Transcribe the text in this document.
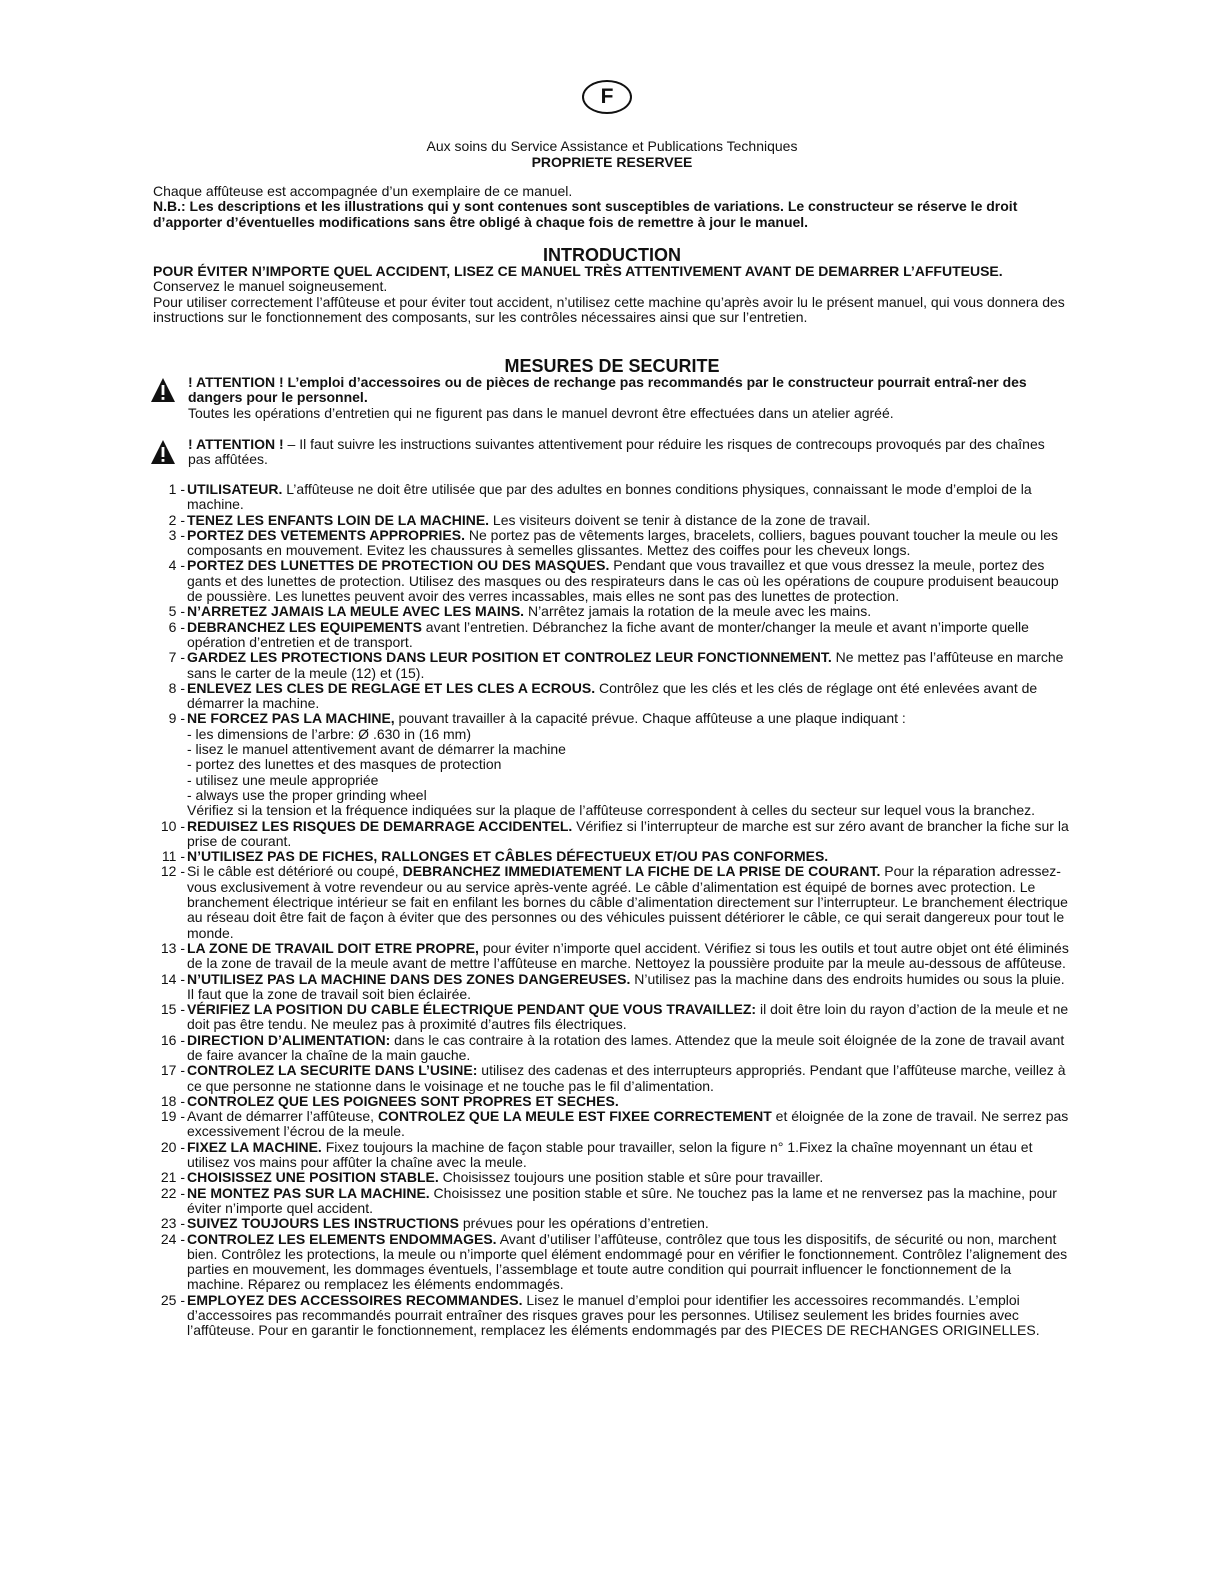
F
Aux soins du Service Assistance et Publications Techniques
PROPRIETE RESERVEE
Chaque affûteuse est accompagnée d’un exemplaire de ce manuel.
N.B.: Les descriptions et les illustrations qui y sont contenues sont susceptibles de variations. Le constructeur se réserve le droit d’apporter d’éventuelles modifications sans être obligé à chaque fois de remettre à jour le manuel.
INTRODUCTION
POUR ÉVITER N’IMPORTE QUEL ACCIDENT, LISEZ CE MANUEL TRÈS ATTENTIVEMENT AVANT DE DEMARRER L’AFFUTEUSE.
Conservez le manuel soigneusement.
Pour utiliser correctement l’affûteuse et pour éviter tout accident, n’utilisez cette machine qu’après avoir lu le présent manuel, qui vous donnera des instructions sur le fonctionnement des composants, sur les contrôles nécessaires ainsi que sur l’entretien.
MESURES DE SECURITE
! ATTENTION ! L’emploi d’accessoires ou de pièces de rechange pas recommandés par le constructeur pourrait entraî-ner des dangers pour le personnel.
Toutes les opérations d’entretien qui ne figurent pas dans le manuel devront être effectuées dans un atelier agréé.
! ATTENTION ! – Il faut suivre les instructions suivantes attentivement pour réduire les risques de contrecoups provoqués par des chaînes pas affûtées.
1 - UTILISATEUR. L’affûteuse ne doit être utilisée que par des adultes en bonnes conditions physiques, connaissant le mode d’emploi de la machine.
2 - TENEZ LES ENFANTS LOIN DE LA MACHINE. Les visiteurs doivent se tenir à distance de la zone de travail.
3 - PORTEZ DES VETEMENTS APPROPRIES. Ne portez pas de vêtements larges, bracelets, colliers, bagues pouvant toucher la meule ou les composants en mouvement. Evitez les chaussures à semelles glissantes. Mettez des coiffes pour les cheveux longs.
4 - PORTEZ DES LUNETTES DE PROTECTION OU DES MASQUES. Pendant que vous travaillez et que vous dressez la meule, portez des gants et des lunettes de protection. Utilisez des masques ou des respirateurs dans le cas où les opérations de coupure produisent beaucoup de poussière. Les lunettes peuvent avoir des verres incassables, mais elles ne sont pas des lunettes de protection.
5 - N’ARRETEZ JAMAIS LA MEULE AVEC LES MAINS. N’arrêtez jamais la rotation de la meule avec les mains.
6 - DEBRANCHEZ LES EQUIPEMENTS avant l’entretien. Débranchez la fiche avant de monter/changer la meule et avant n’importe quelle opération d’entretien et de transport.
7 - GARDEZ LES PROTECTIONS DANS LEUR POSITION ET CONTROLEZ LEUR FONCTIONNEMENT. Ne mettez pas l’affûteuse en marche sans le carter de la meule (12) et (15).
8 - ENLEVEZ LES CLES DE REGLAGE ET LES CLES A ECROUS. Contrôlez que les clés et les clés de réglage ont été enlevées avant de démarrer la machine.
9 - NE FORCEZ PAS LA MACHINE, pouvant travailler à la capacité prévue. Chaque affûteuse a une plaque indiquant :
- les dimensions de l’arbre: Ø .630 in (16 mm)
- lisez le manuel attentivement avant de démarrer la machine
- portez des lunettes et des masques de protection
- utilisez une meule appropriée
- always use the proper grinding wheel
Vérifiez si la tension et la fréquence indiquées sur la plaque de l’affûteuse correspondent à celles du secteur sur lequel vous la branchez.
10 - REDUISEZ LES RISQUES DE DEMARRAGE ACCIDENTEL. Vérifiez si l’interrupteur de marche est sur zéro avant de brancher la fiche sur la prise de courant.
11 - N’UTILISEZ PAS DE FICHES, RALLONGES ET CÂBLES DÉFECTUEUX ET/OU PAS CONFORMES.
12 - Si le câble est détérioré ou coupé, DEBRANCHEZ IMMEDIATEMENT LA FICHE DE LA PRISE DE COURANT. Pour la réparation adressez-vous exclusivement à votre revendeur ou au service après-vente agréé. Le câble d’alimentation est équipé de bornes avec protection. Le branchement électrique intérieur se fait en enfilant les bornes du câble d’alimentation directement sur l’interrupteur. Le branchement électrique au réseau doit être fait de façon à éviter que des personnes ou des véhicules puissent détériorer le câble, ce qui serait dangereux pour tout le monde.
13 - LA ZONE DE TRAVAIL DOIT ETRE PROPRE, pour éviter n’importe quel accident. Vérifiez si tous les outils et tout autre objet ont été éliminés de la zone de travail de la meule avant de mettre l’affûteuse en marche. Nettoyez la poussière produite par la meule au-dessous de affûteuse.
14 - N’UTILISEZ PAS LA MACHINE DANS DES ZONES DANGEREUSES. N’utilisez pas la machine dans des endroits humides ou sous la pluie. Il faut que la zone de travail soit bien éclairée.
15 - VÉRIFIEZ LA POSITION DU CABLE ÉLECTRIQUE PENDANT QUE VOUS TRAVAILLEZ: il doit être loin du rayon d’action de la meule et ne doit pas être tendu. Ne meulez pas à proximité d’autres fils électriques.
16 - DIRECTION D’ALIMENTATION: dans le cas contraire à la rotation des lames. Attendez que la meule soit éloignée de la zone de travail avant de faire avancer la chaîne de la main gauche.
17 - CONTROLEZ LA SECURITE DANS L’USINE: utilisez des cadenas et des interrupteurs appropriés. Pendant que l’affûteuse marche, veillez à ce que personne ne stationne dans le voisinage et ne touche pas le fil d’alimentation.
18 - CONTROLEZ QUE LES POIGNEES SONT PROPRES ET SECHES.
19 - Avant de démarrer l’affûteuse, CONTROLEZ QUE LA MEULE EST FIXEE CORRECTEMENT et éloignée de la zone de travail. Ne serrez pas excessivement l’écrou de la meule.
20 - FIXEZ LA MACHINE. Fixez toujours la machine de façon stable pour travailler, selon la figure n° 1.Fixez la chaîne moyennant un étau et utilisez vos mains pour affûter la chaîne avec la meule.
21 - CHOISISSEZ UNE POSITION STABLE. Choisissez toujours une position stable et sûre pour travailler.
22 - NE MONTEZ PAS SUR LA MACHINE. Choisissez une position stable et sûre. Ne touchez pas la lame et ne renversez pas la machine, pour éviter n’importe quel accident.
23 - SUIVEZ TOUJOURS LES INSTRUCTIONS prévues pour les opérations d’entretien.
24 - CONTROLEZ LES ELEMENTS ENDOMMAGES. Avant d’utiliser l’affûteuse, contrôlez que tous les dispositifs, de sécurité ou non, marchent bien. Contrôlez les protections, la meule ou n’importe quel élément endommagé pour en vérifier le fonctionnement. Contrôlez l’alignement des parties en mouvement, les dommages éventuels, l’assemblage et toute autre condition qui pourrait influencer le fonctionnement de la machine. Réparez ou remplacez les éléments endommagés.
25 - EMPLOYEZ DES ACCESSOIRES RECOMMANDES. Lisez le manuel d’emploi pour identifier les accessoires recommandés. L’emploi d’accessoires pas recommandés pourrait entraîner des risques graves pour les personnes. Utilisez seulement les brides fournies avec l’affûteuse. Pour en garantir le fonctionnement, remplacez les éléments endommagés par des PIECES DE RECHANGES ORIGINELLES.
